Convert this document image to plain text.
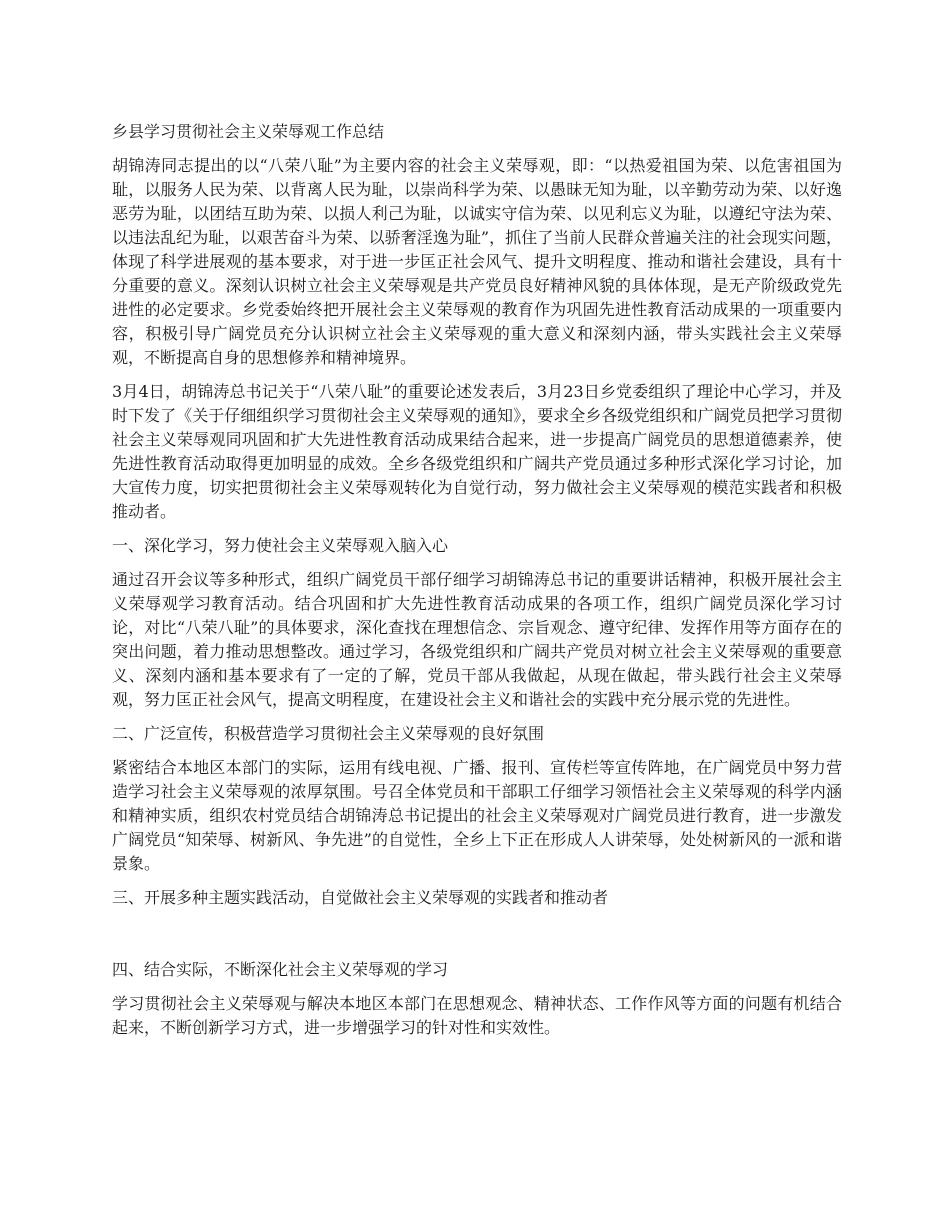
乡县学习贯彻社会主义荣辱观工作总结
胡锦涛同志提出的以“八荣八耻”为主要内容的社会主义荣辱观，即：“以热爱祖国为荣、以危害祖国为耻，以服务人民为荣、以背离人民为耻，以崇尚科学为荣、以愚昧无知为耻，以辛勤劳动为荣、以好逸恶劳为耻，以团结互助为荣、以损人利己为耻，以诚实守信为荣、以见利忘义为耻，以遵纪守法为荣、以违法乱纪为耻，以艰苦奋斗为荣、以骄奢淫逸为耻”，抓住了当前人民群众普遍关注的社会现实问题，体现了科学进展观的基本要求，对于进一步匡正社会风气、提升文明程度、推动和谐社会建设，具有十分重要的意义。深刻认识树立社会主义荣辱观是共产党员良好精神风貌的具体体现，是无产阶级政党先进性的必定要求。乡党委始终把开展社会主义荣辱观的教育作为巩固先进性教育活动成果的一项重要内容，积极引导广阔党员充分认识树立社会主义荣辱观的重大意义和深刻内涵，带头实践社会主义荣辱观，不断提高自身的思想修养和精神境界。
3月4日，胡锦涛总书记关于“八荣八耻”的重要论述发表后，3月23日乡党委组织了理论中心学习，并及时下发了《关于仔细组织学习贯彻社会主义荣辱观的通知》，要求全乡各级党组织和广阔党员把学习贯彻社会主义荣辱观同巩固和扩大先进性教育活动成果结合起来，进一步提高广阔党员的思想道德素养，使先进性教育活动取得更加明显的成效。全乡各级党组织和广阔共产党员通过多种形式深化学习讨论，加大宣传力度，切实把贯彻社会主义荣辱观转化为自觉行动，努力做社会主义荣辱观的模范实践者和积极推动者。
一、深化学习，努力使社会主义荣辱观入脑入心
通过召开会议等多种形式，组织广阔党员干部仔细学习胡锦涛总书记的重要讲话精神，积极开展社会主义荣辱观学习教育活动。结合巩固和扩大先进性教育活动成果的各项工作，组织广阔党员深化学习讨论，对比“八荣八耻”的具体要求，深化查找在理想信念、宗旨观念、遵守纪律、发挥作用等方面存在的突出问题，着力推动思想整改。通过学习，各级党组织和广阔共产党员对树立社会主义荣辱观的重要意义、深刻内涵和基本要求有了一定的了解，党员干部从我做起，从现在做起，带头践行社会主义荣辱观，努力匡正社会风气，提高文明程度，在建设社会主义和谐社会的实践中充分展示党的先进性。
二、广泛宣传，积极营造学习贯彻社会主义荣辱观的良好氛围
紧密结合本地区本部门的实际，运用有线电视、广播、报刊、宣传栏等宣传阵地，在广阔党员中努力营造学习社会主义荣辱观的浓厚氛围。号召全体党员和干部职工仔细学习领悟社会主义荣辱观的科学内涵和精神实质，组织农村党员结合胡锦涛总书记提出的社会主义荣辱观对广阔党员进行教育，进一步激发广阔党员“知荣辱、树新风、争先进”的自觉性，全乡上下正在形成人人讲荣辱，处处树新风的一派和谐景象。
三、开展多种主题实践活动，自觉做社会主义荣辱观的实践者和推动者
四、结合实际，不断深化社会主义荣辱观的学习
学习贯彻社会主义荣辱观与解决本地区本部门在思想观念、精神状态、工作作风等方面的问题有机结合起来，不断创新学习方式，进一步增强学习的针对性和实效性。
